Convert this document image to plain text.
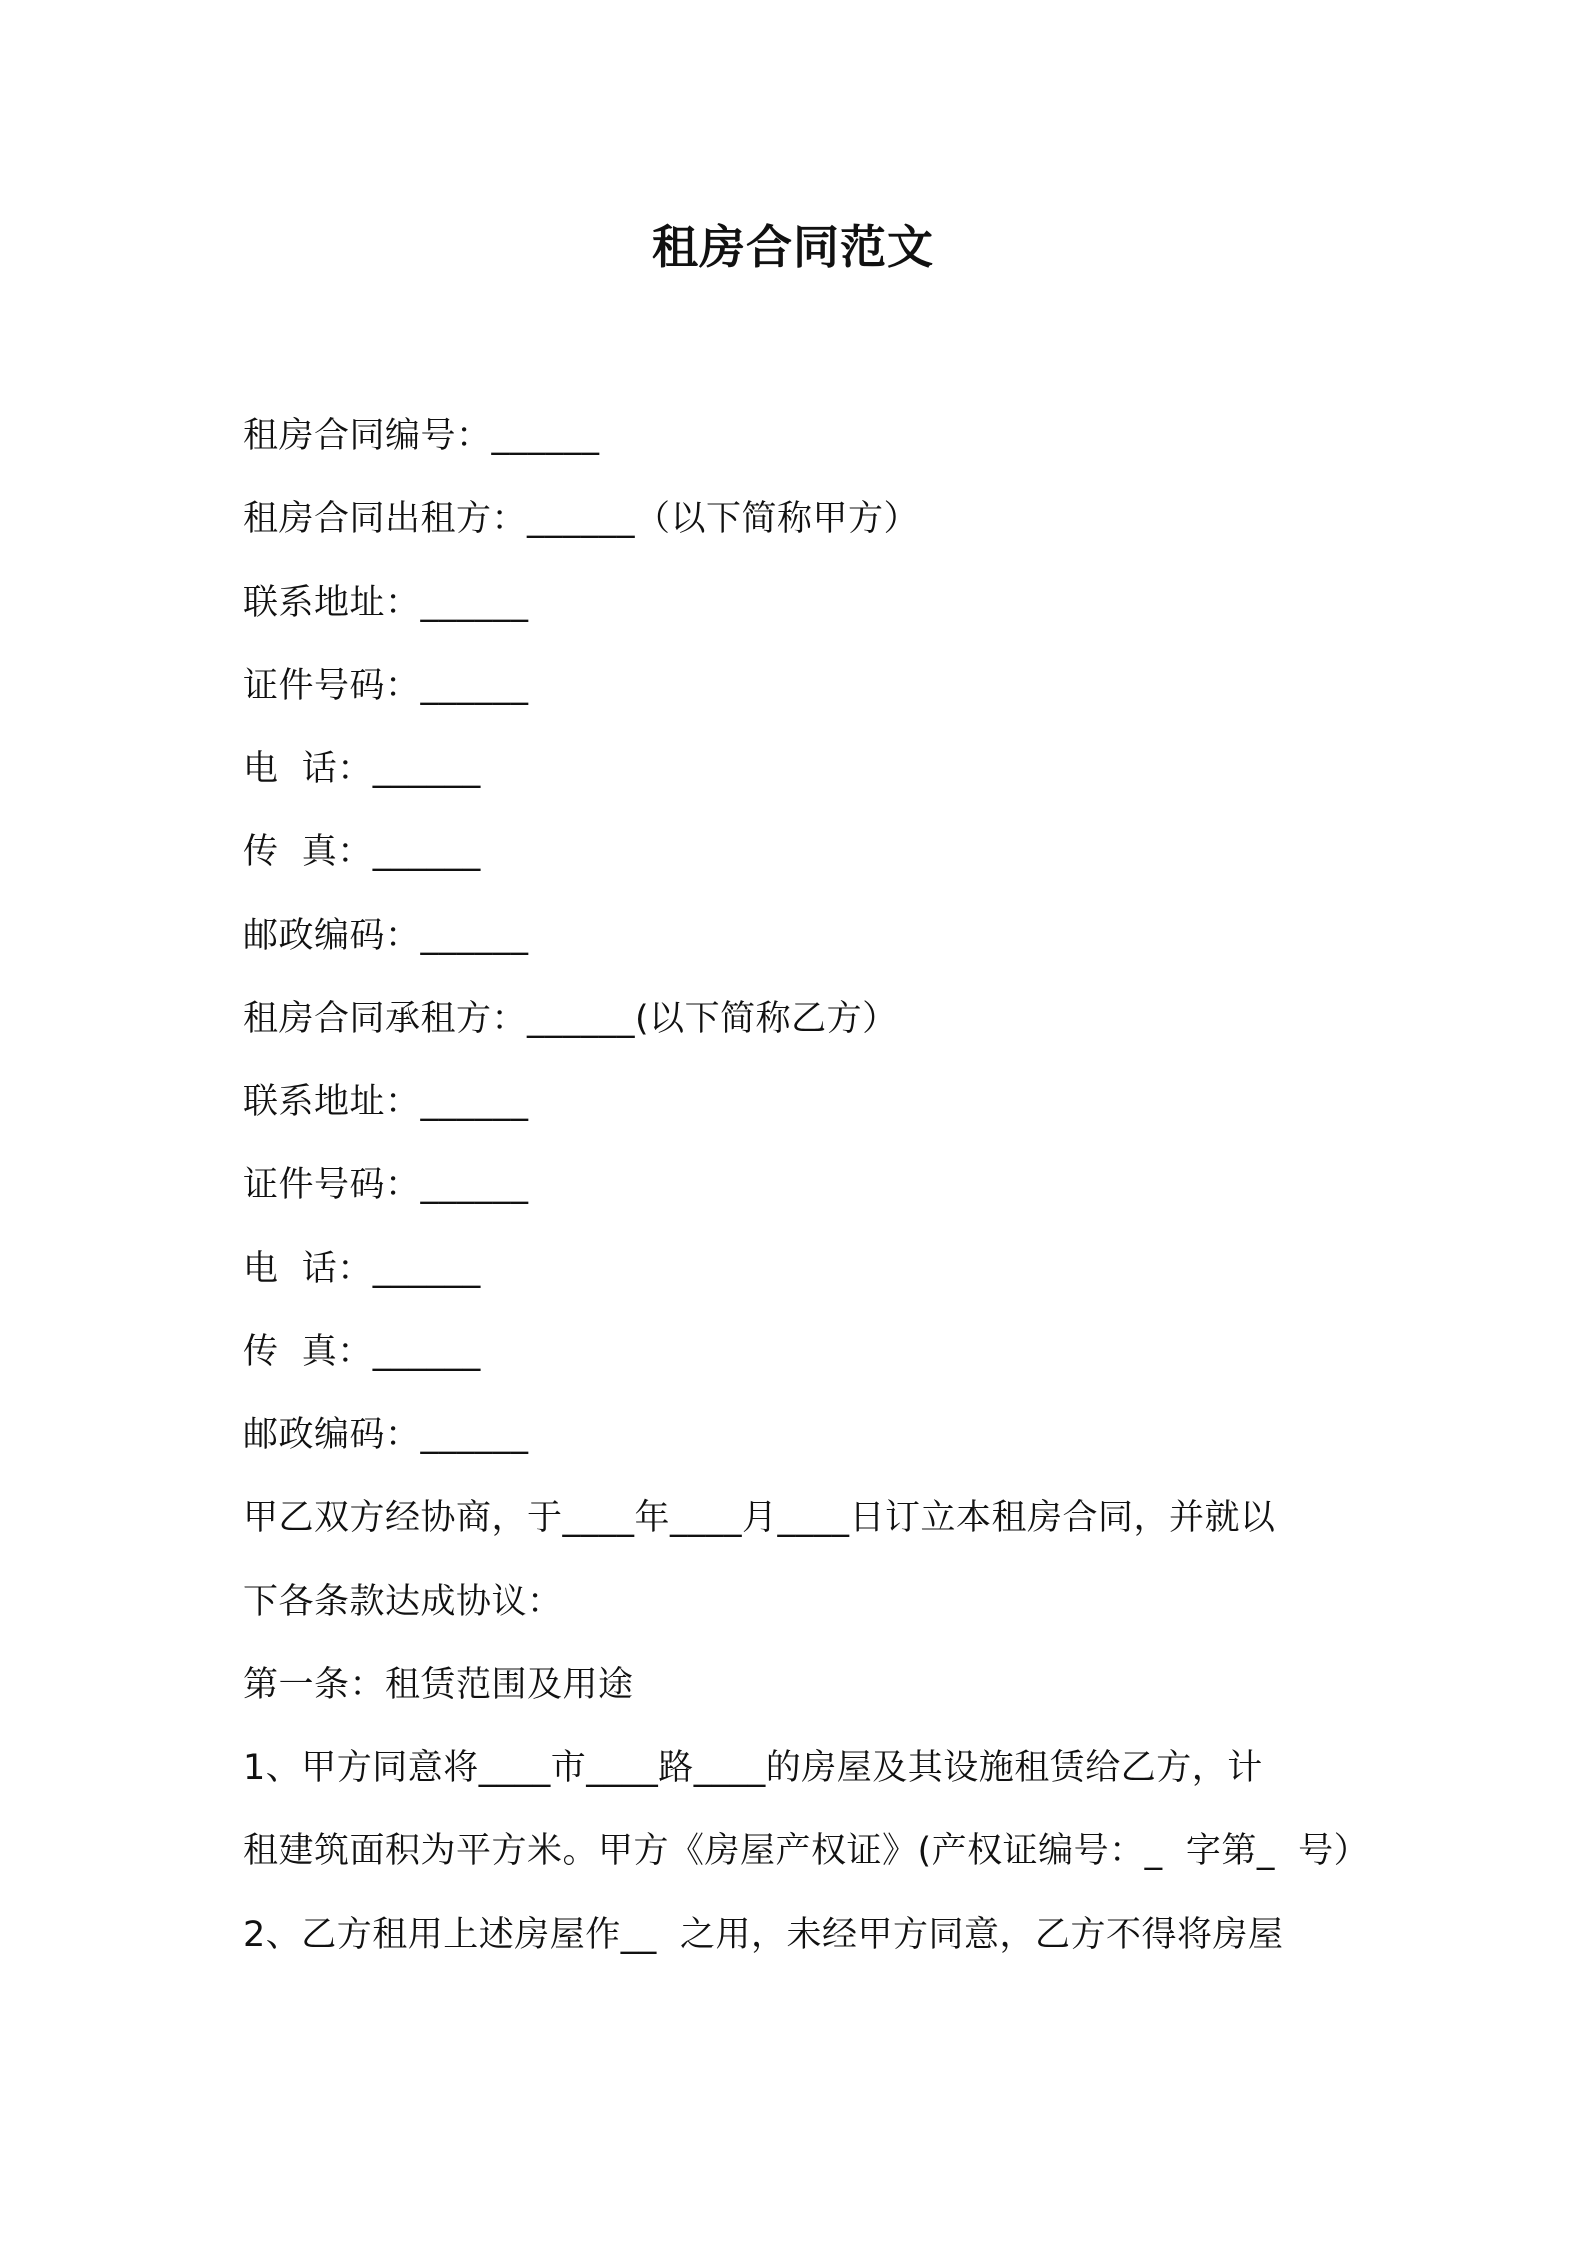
租房合同范文
租房合同编号：______
租房合同出租方：______（以下简称甲方）
联系地址：______
证件号码：______
电  话：______
传  真：______
邮政编码：______
租房合同承租方：______(以下简称乙方）
联系地址：______
证件号码：______
电  话：______
传  真：______
邮政编码：______
甲乙双方经协商，于____年____月____日订立本租房合同，并就以
下各条款达成协议：
第一条：租赁范围及用途
1、甲方同意将____市____路____的房屋及其设施租赁给乙方，计
租建筑面积为平方米。甲方《房屋产权证》(产权证编号：_  字第_  号）
2、乙方租用上述房屋作__  之用，未经甲方同意，乙方不得将房屋
